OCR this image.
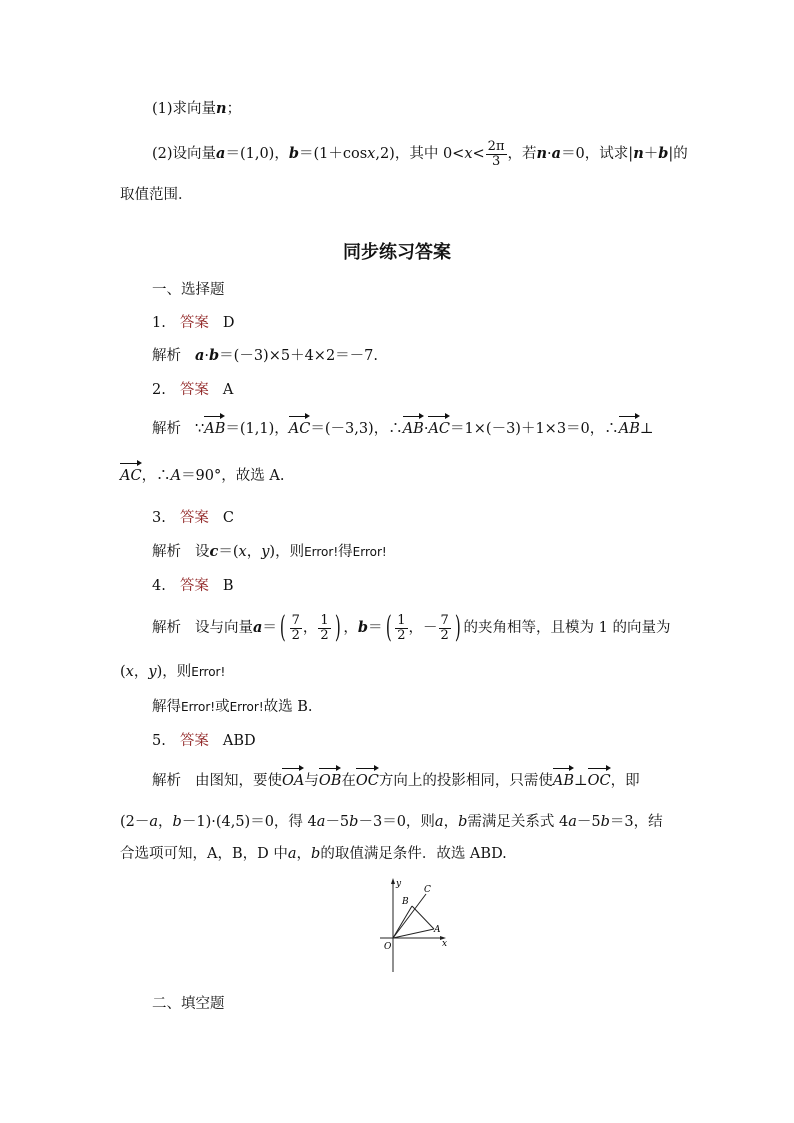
(1)求向量n；
(2)设向量a＝(1,0)，b＝(1＋cosx,2)，其中 $0<x< \frac{2\pi}{3}$ ，若n·a＝0，试求|n＋b|的
取值范围．
同步练习答案
一、选择题
1. 答案 D
解析 a·b＝(－3)×5＋4×2＝－7.
2. 答案 A
解析 ∵AB＝(1,1)，AC＝(－3,3)，∴AB·AC＝1×(－3)＋1×3＝0，∴AB⊥
AC，∴A＝90°，故选 A.
3. 答案 C
解析 设c＝(x，y)，则Error!得Error!
4. 答案 B
解析 设与向量$a=( \frac{7}{2}$ ， $\frac{1}{2}$ ) ，$b=( \frac{1}{2}$ ，－ $\frac{7}{2}$ ) 的夹角相等，且模为 1 的向量为
(x，y)，则Error!
解得Error!或Error!故选 B.
5. 答案 ABD
解析 由图知，要使OA与OB在OC方向上的投影相同，只需使AB⊥OC，即
(2－a，b－1)·(4,5)＝0，得 4a－5b－3＝0，则a，b需满足关系式 4a－5b＝3，结
合选项可知，A，B，D 中a，b的取值满足条件．故选 ABD.
y
x
O
A
B
C
二、填空题
